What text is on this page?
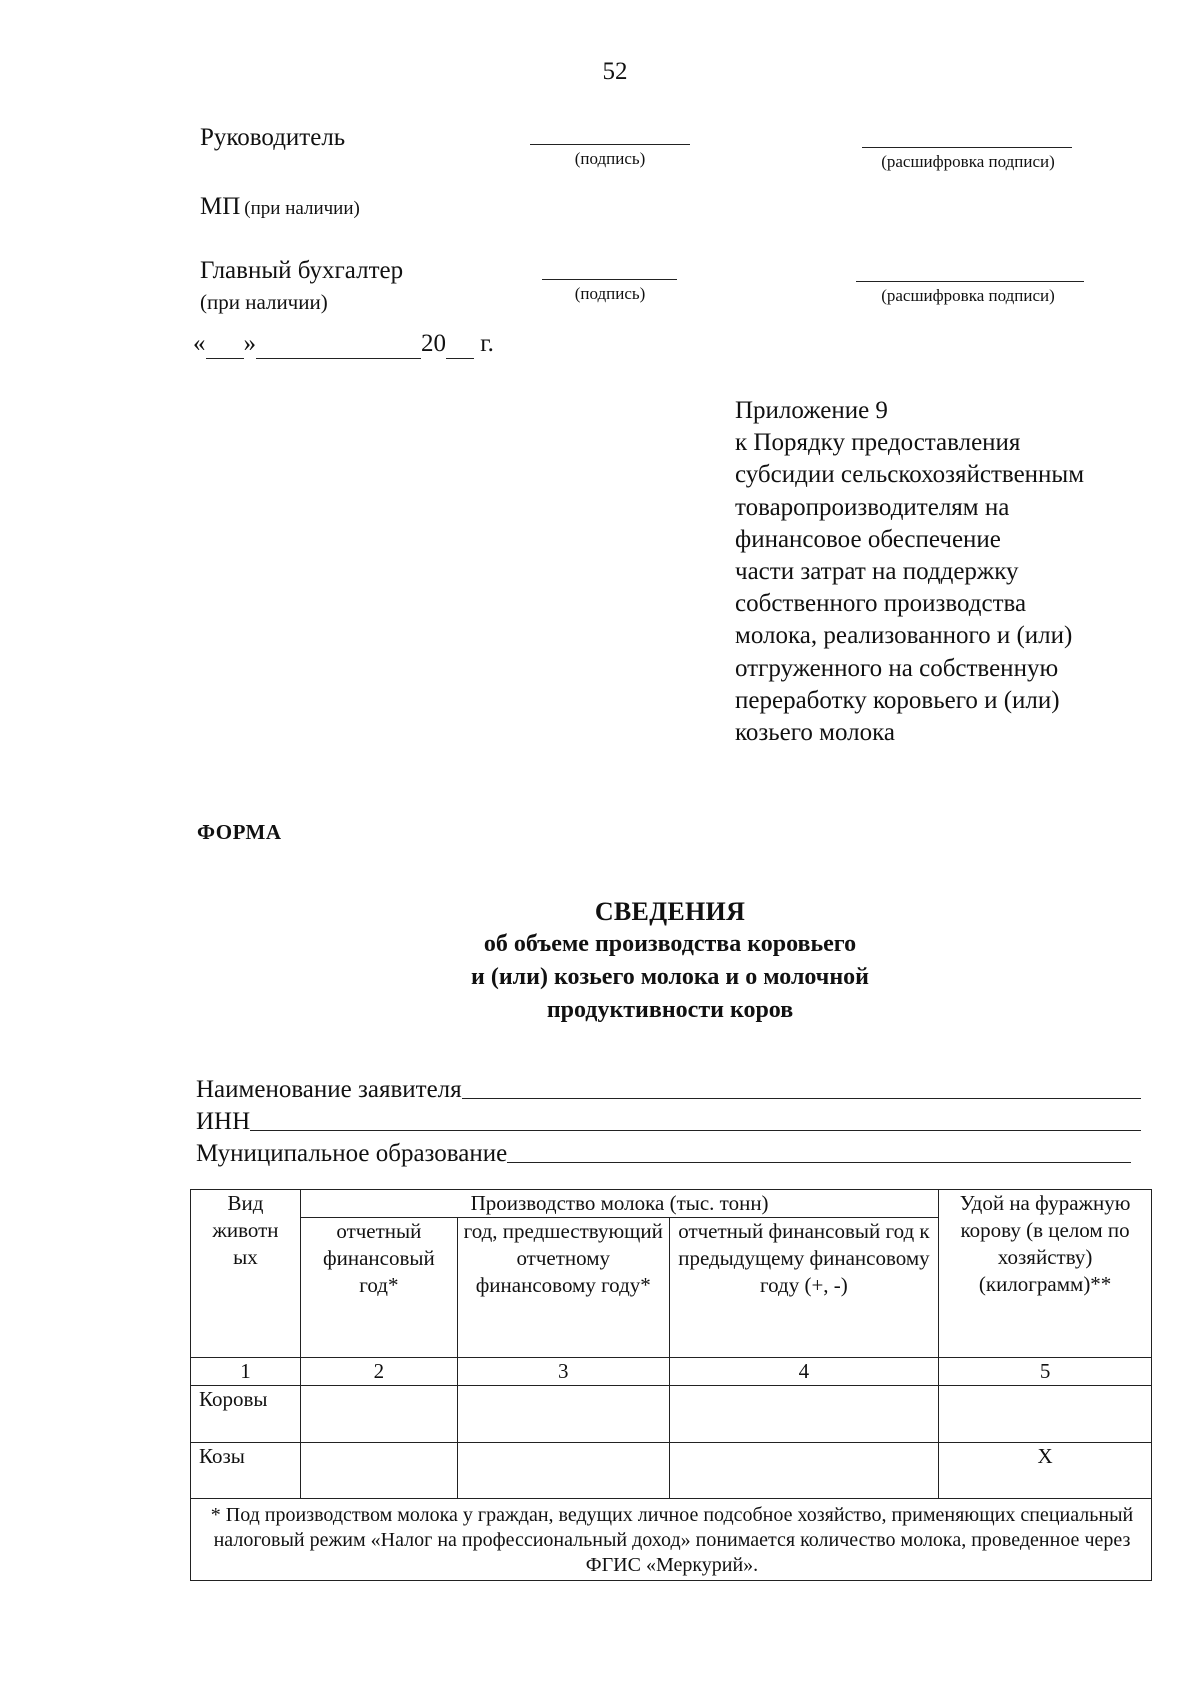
52
Руководитель
(подпись)	(расшифровка подписи)
МП (при наличии)
Главный бухгалтер
(при наличии)	(подпись)	(расшифровка подписи)
« »	20 г.
Приложение 9
к Порядку предоставления
субсидии сельскохозяйственным
товаропроизводителям на
финансовое обеспечение
части затрат на поддержку
собственного производства
молока, реализованного и (или)
отгруженного на собственную
переработку коровьего и (или)
козьего молока
ФОРМА
СВЕДЕНИЯ
об объеме производства коровьего
и (или) козьего молока и о молочной
продуктивности коров
Наименование заявителя
ИНН
Муниципальное образование
Вид животн ых	Производство молока (тыс. тонн)			Удой на фуражную корову (в целом по хозяйству) (килограмм)**
	отчетный финансовый год*	год, предшествующий отчетному финансовому году*	отчетный финансовый год к предыдущему финансовому году (+, -)	
1	2	3	4	5
Коровы				
Козы				Х
* Под производством молока у граждан, ведущих личное подсобное хозяйство, применяющих специальный налоговый режим «Налог на профессиональный доход» понимается количество молока, проведенное через ФГИС «Меркурий».				
